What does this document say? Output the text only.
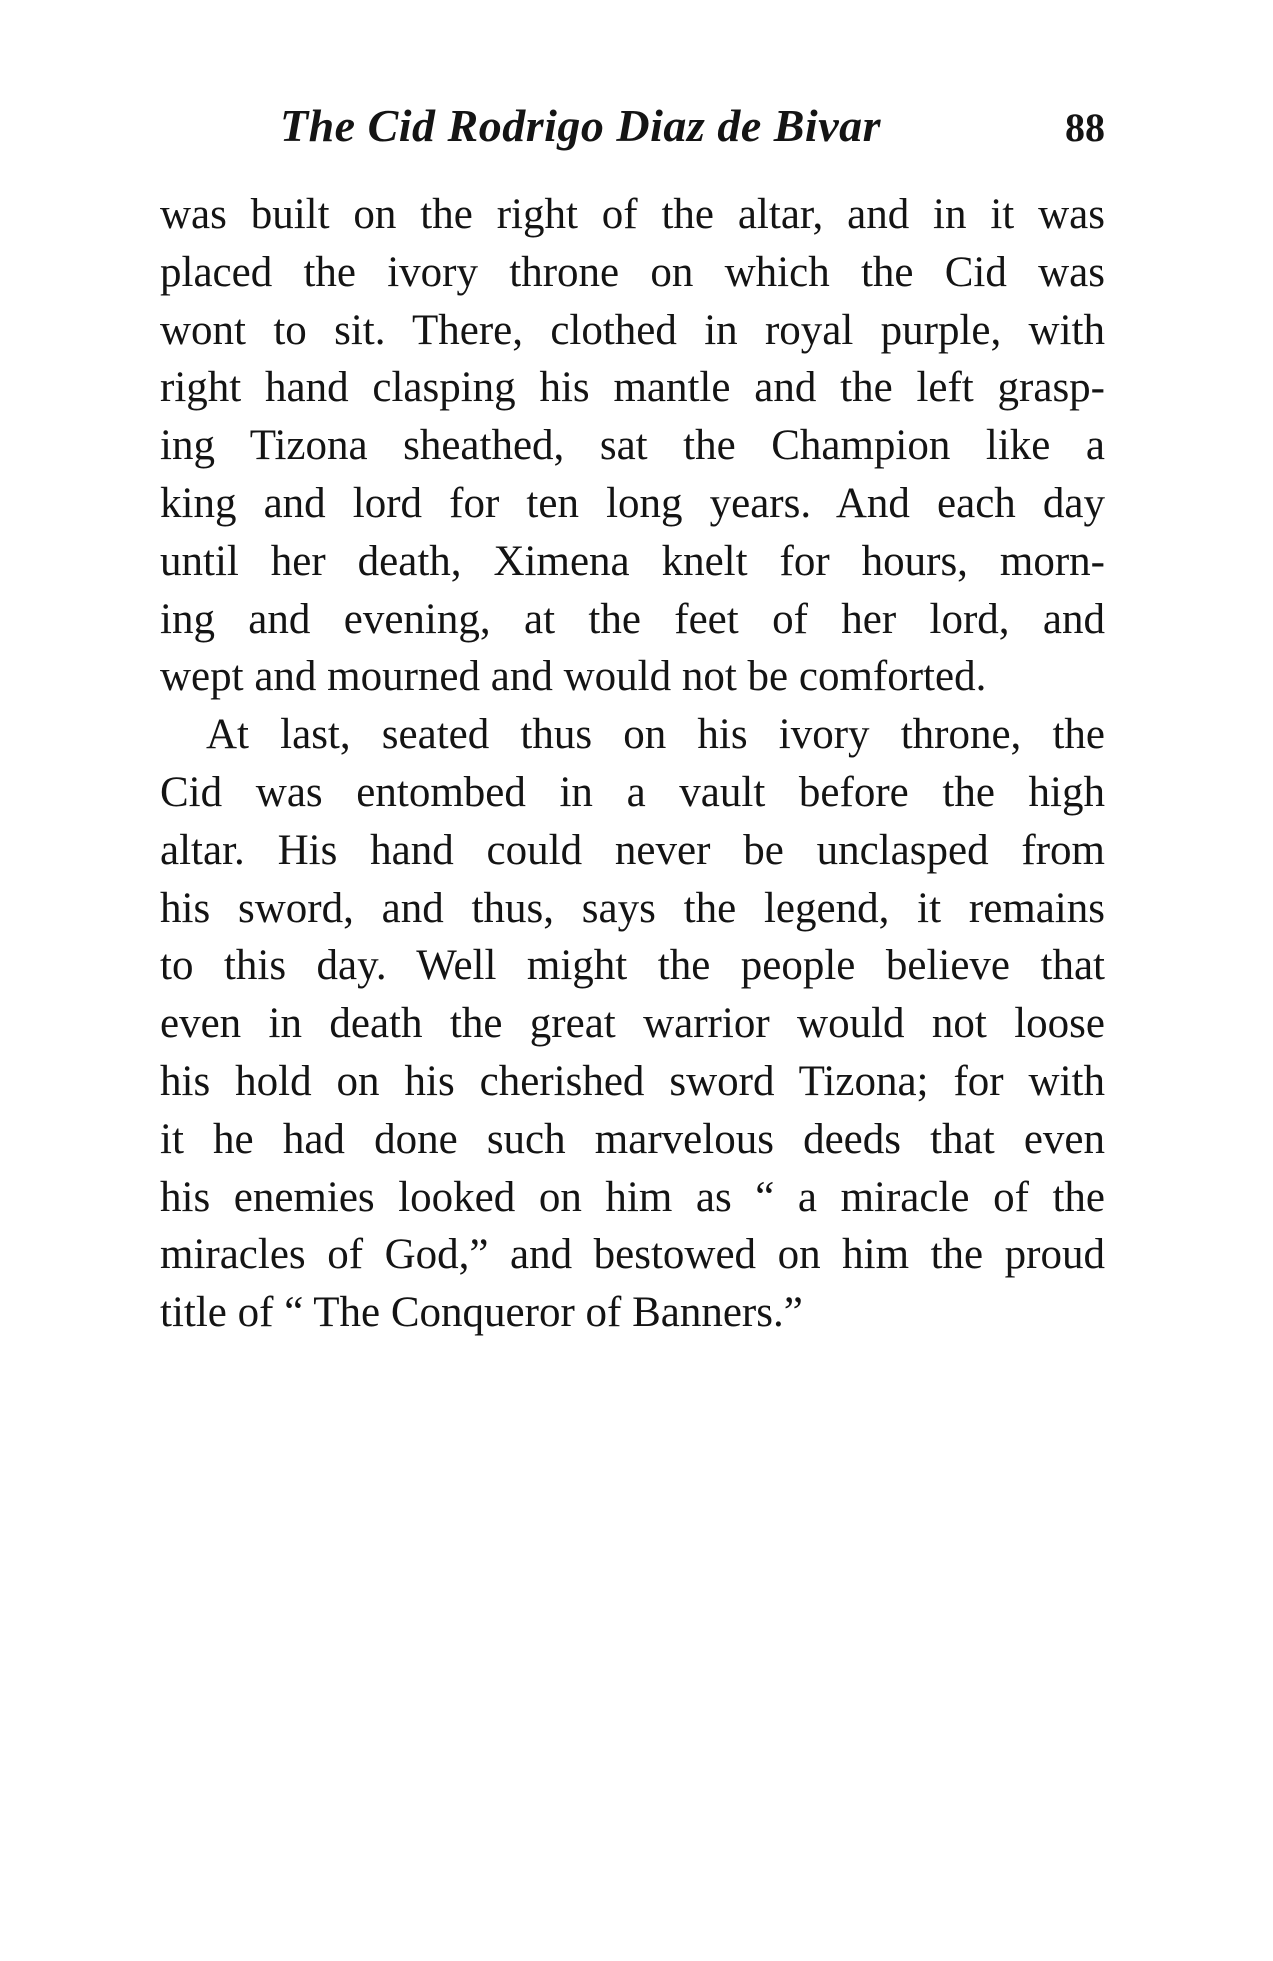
The Cid Rodrigo Diaz de Bivar	88
was built on the right of the altar, and in it was
placed the ivory throne on which the Cid was
wont to sit. There, clothed in royal purple, with
right hand clasping his mantle and the left grasp-
ing Tizona sheathed, sat the Champion like a
king and lord for ten long years. And each day
until her death, Ximena knelt for hours, morn-
ing and evening, at the feet of her lord, and
wept and mourned and would not be comforted.
At last, seated thus on his ivory throne, the
Cid was entombed in a vault before the high
altar. His hand could never be unclasped from
his sword, and thus, says the legend, it remains
to this day. Well might the people believe that
even in death the great warrior would not loose
his hold on his cherished sword Tizona; for with
it he had done such marvelous deeds that even
his enemies looked on him as “ a miracle of the
miracles of God,” and bestowed on him the proud
title of “ The Conqueror of Banners.”
